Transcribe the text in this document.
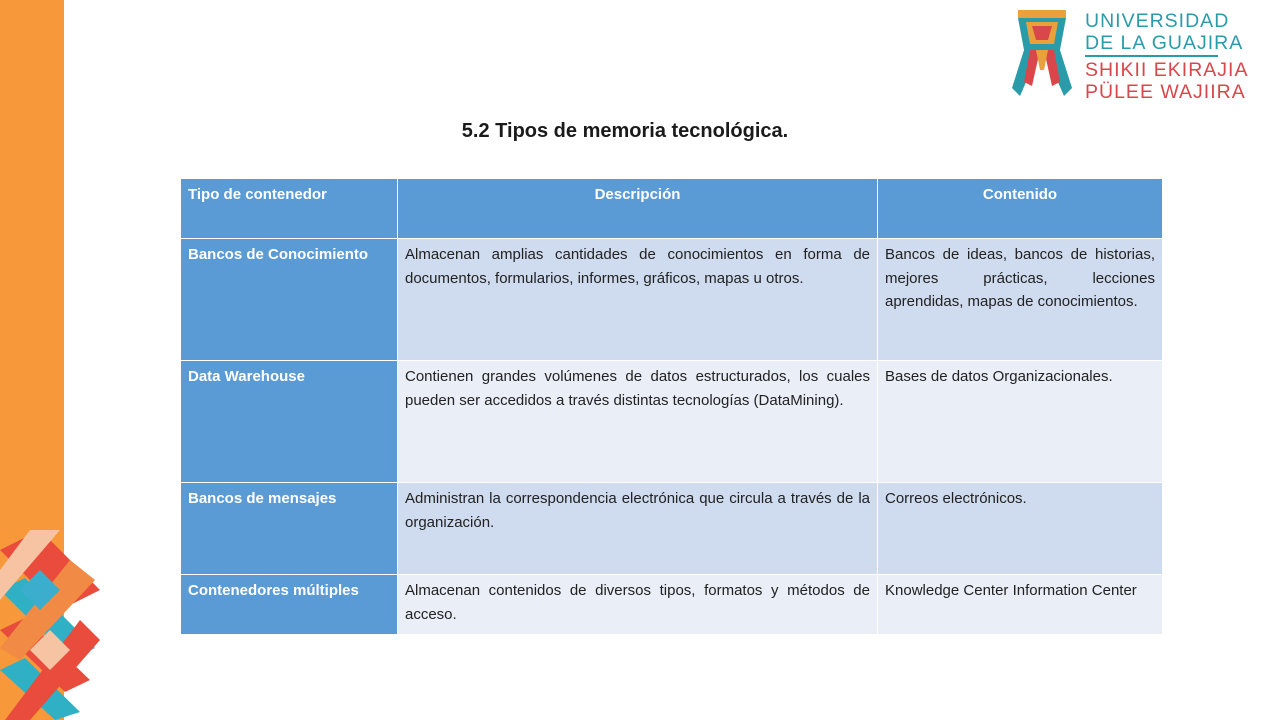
UNIVERSIDAD
DE LA GUAJIRA
SHIKII EKIRAJIA
PÜLEE WAJIIRA
5.2 Tipos de memoria tecnológica.
Tipo de contenedor	Descripción	Contenido
Bancos de Conocimiento	Almacenan amplias cantidades de conocimientos en forma de documentos, formularios, informes, gráficos, mapas u otros.	Bancos de ideas, bancos de historias, mejores prácticas, lecciones aprendidas, mapas de conocimientos.
Data Warehouse	Contienen grandes volúmenes de datos estructurados, los cuales pueden ser accedidos a través distintas tecnologías (DataMining).	Bases de datos Organizacionales.
Bancos de mensajes	Administran la correspondencia electrónica que circula a través de la organización.	Correos electrónicos.
Contenedores múltiples	Almacenan contenidos de diversos tipos, formatos y métodos de acceso.	Knowledge Center Information Center
